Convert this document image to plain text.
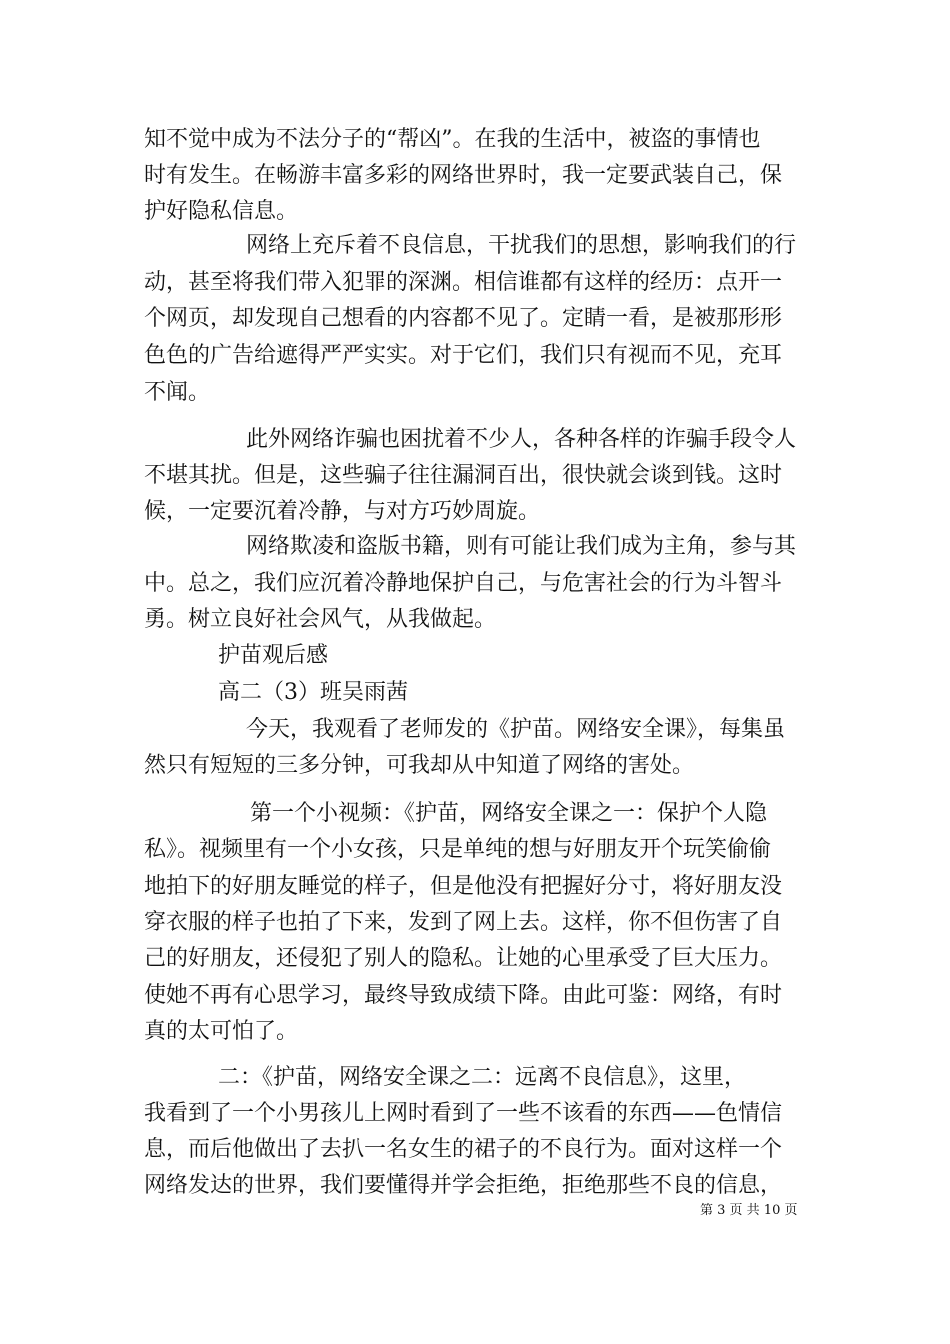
知不觉中成为不法分子的“帮凶”。在我的生活中，被盗的事情也
时有发生。在畅游丰富多彩的网络世界时，我一定要武装自己，保
护好隐私信息。
网络上充斥着不良信息，干扰我们的思想，影响我们的行
动，甚至将我们带入犯罪的深渊。相信谁都有这样的经历：点开一
个网页，却发现自己想看的内容都不见了。定睛一看，是被那形形
色色的广告给遮得严严实实。对于它们，我们只有视而不见，充耳
不闻。
此外网络诈骗也困扰着不少人，各种各样的诈骗手段令人
不堪其扰。但是，这些骗子往往漏洞百出，很快就会谈到钱。这时
候，一定要沉着冷静，与对方巧妙周旋。
网络欺凌和盗版书籍，则有可能让我们成为主角，参与其
中。总之，我们应沉着冷静地保护自己，与危害社会的行为斗智斗
勇。树立良好社会风气，从我做起。
护苗观后感
高二（3）班吴雨茜
今天，我观看了老师发的《护苗。网络安全课》，每集虽
然只有短短的三多分钟，可我却从中知道了网络的害处。
第一个小视频：《护苗，网络安全课之一：保护个人隐
私》。视频里有一个小女孩，只是单纯的想与好朋友开个玩笑偷偷
地拍下的好朋友睡觉的样子，但是他没有把握好分寸，将好朋友没
穿衣服的样子也拍了下来，发到了网上去。这样，你不但伤害了自
己的好朋友，还侵犯了别人的隐私。让她的心里承受了巨大压力。
使她不再有心思学习，最终导致成绩下降。由此可鉴：网络，有时
真的太可怕了。
二：《护苗，网络安全课之二：远离不良信息》，这里，
我看到了一个小男孩儿上网时看到了一些不该看的东西——色情信
息，而后他做出了去扒一名女生的裙子的不良行为。面对这样一个
网络发达的世界，我们要懂得并学会拒绝，拒绝那些不良的信息，
第 3 页 共 10 页
